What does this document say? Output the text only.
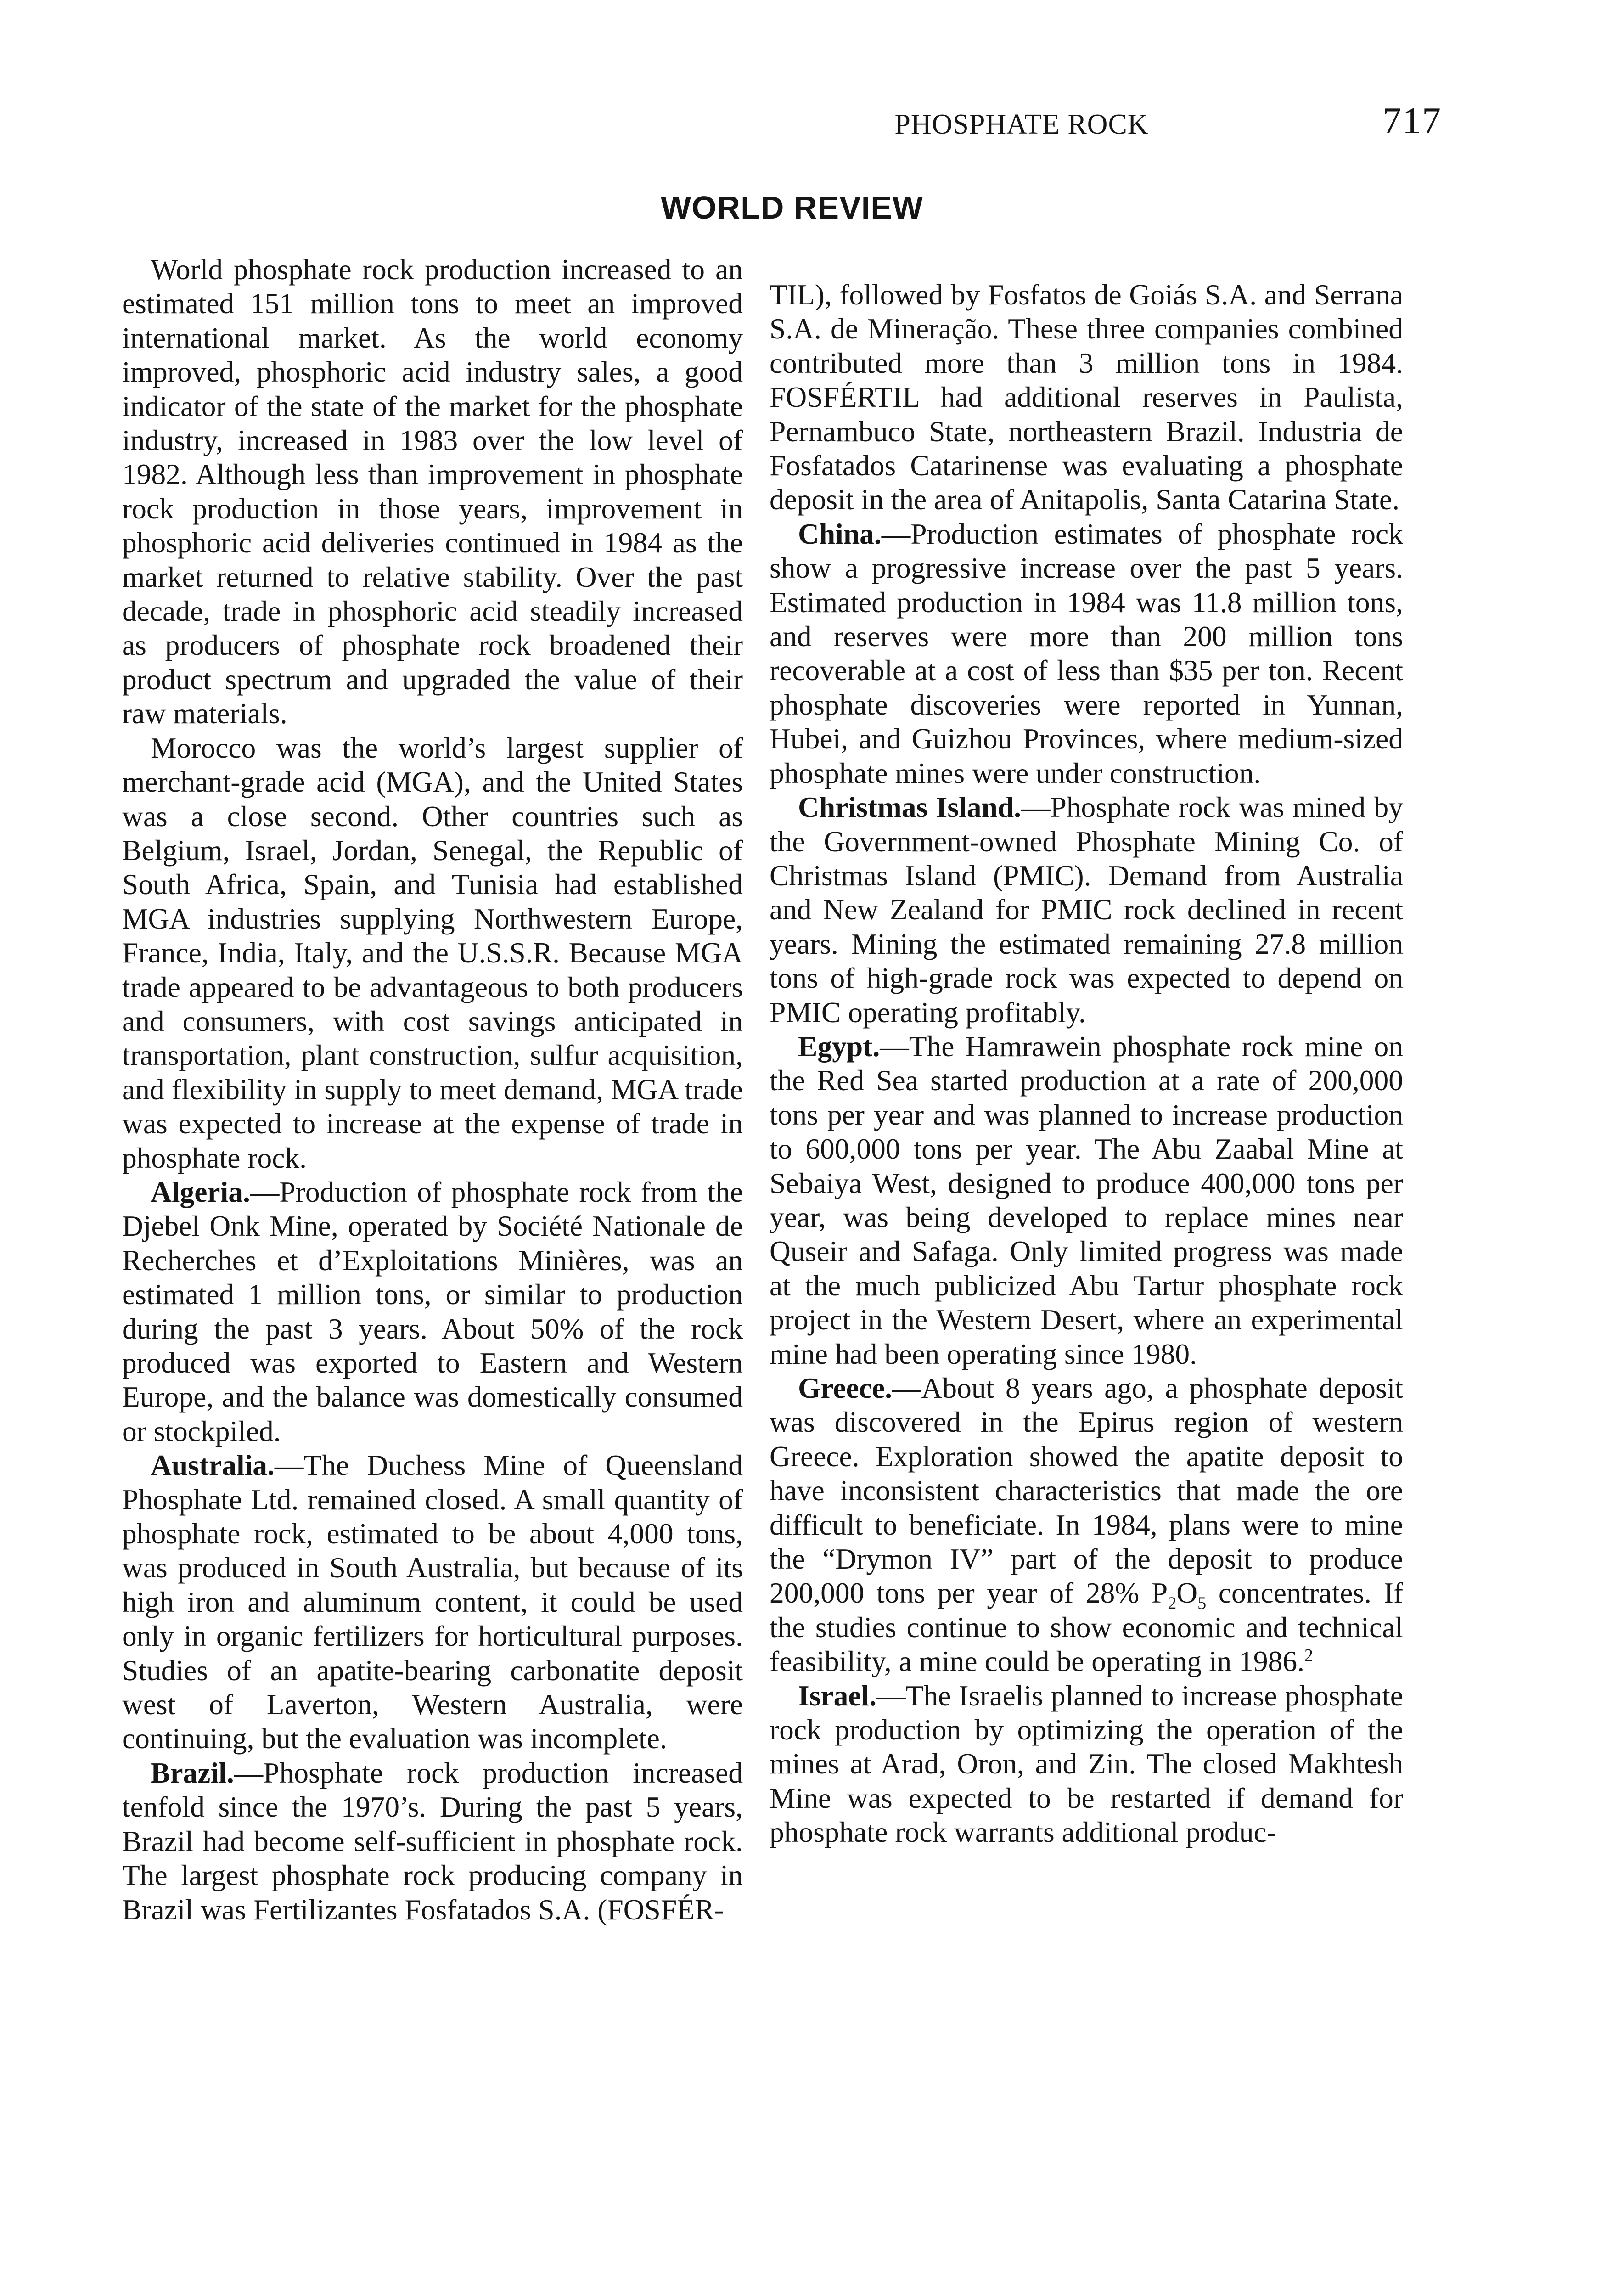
PHOSPHATE ROCK	717
WORLD REVIEW

World phosphate rock production increased to an estimated 151 million tons to meet an improved international market. As the world economy improved, phosphoric acid industry sales, a good indicator of the state of the market for the phosphate industry, increased in 1983 over the low level of 1982. Although less than improvement in phosphate rock production in those years, improvement in phosphoric acid deliveries continued in 1984 as the market returned to relative stability. Over the past decade, trade in phosphoric acid steadily increased as producers of phosphate rock broadened their product spectrum and upgraded the value of their raw materials.

Morocco was the world’s largest supplier of merchant-grade acid (MGA), and the United States was a close second. Other countries such as Belgium, Israel, Jordan, Senegal, the Republic of South Africa, Spain, and Tunisia had established MGA industries supplying Northwestern Europe, France, India, Italy, and the U.S.S.R. Because MGA trade appeared to be advantageous to both producers and consumers, with cost savings anticipated in transportation, plant construction, sulfur acquisition, and flexibility in supply to meet demand, MGA trade was expected to increase at the expense of trade in phosphate rock.

Algeria.—Production of phosphate rock from the Djebel Onk Mine, operated by Société Nationale de Recherches et d’Exploitations Minières, was an estimated 1 million tons, or similar to production during the past 3 years. About 50% of the rock produced was exported to Eastern and Western Europe, and the balance was domestically consumed or stockpiled.

Australia.—The Duchess Mine of Queensland Phosphate Ltd. remained closed. A small quantity of phosphate rock, estimated to be about 4,000 tons, was produced in South Australia, but because of its high iron and aluminum content, it could be used only in organic fertilizers for horticultural purposes. Studies of an apatite-bearing carbonatite deposit west of Laverton, Western Australia, were continuing, but the evaluation was incomplete.

Brazil.—Phosphate rock production increased tenfold since the 1970’s. During the past 5 years, Brazil had become self-sufficient in phosphate rock. The largest phosphate rock producing company in Brazil was Fertilizantes Fosfatados S.A. (FOSFÉR-

TIL), followed by Fosfatos de Goiás S.A. and Serrana S.A. de Mineração. These three companies combined contributed more than 3 million tons in 1984. FOSFÉRTIL had additional reserves in Paulista, Pernambuco State, northeastern Brazil. Industria de Fosfatados Catarinense was evaluating a phosphate deposit in the area of Anitapolis, Santa Catarina State.

China.—Production estimates of phosphate rock show a progressive increase over the past 5 years. Estimated production in 1984 was 11.8 million tons, and reserves were more than 200 million tons recoverable at a cost of less than $35 per ton. Recent phosphate discoveries were reported in Yunnan, Hubei, and Guizhou Provinces, where medium-sized phosphate mines were under construction.

Christmas Island.—Phosphate rock was mined by the Government-owned Phosphate Mining Co. of Christmas Island (PMIC). Demand from Australia and New Zealand for PMIC rock declined in recent years. Mining the estimated remaining 27.8 million tons of high-grade rock was expected to depend on PMIC operating profitably.

Egypt.—The Hamrawein phosphate rock mine on the Red Sea started production at a rate of 200,000 tons per year and was planned to increase production to 600,000 tons per year. The Abu Zaabal Mine at Sebaiya West, designed to produce 400,000 tons per year, was being developed to replace mines near Quseir and Safaga. Only limited progress was made at the much publicized Abu Tartur phosphate rock project in the Western Desert, where an experimental mine had been operating since 1980.

Greece.—About 8 years ago, a phosphate deposit was discovered in the Epirus region of western Greece. Exploration showed the apatite deposit to have inconsistent characteristics that made the ore difficult to beneficiate. In 1984, plans were to mine the “Drymon IV” part of the deposit to produce 200,000 tons per year of 28% $P_2O_5$ concentrates. If the studies continue to show economic and technical feasibility, a mine could be operating in 1986.$^2$

Israel.—The Israelis planned to increase phosphate rock production by optimizing the operation of the mines at Arad, Oron, and Zin. The closed Makhtesh Mine was expected to be restarted if demand for phosphate rock warrants additional produc-
